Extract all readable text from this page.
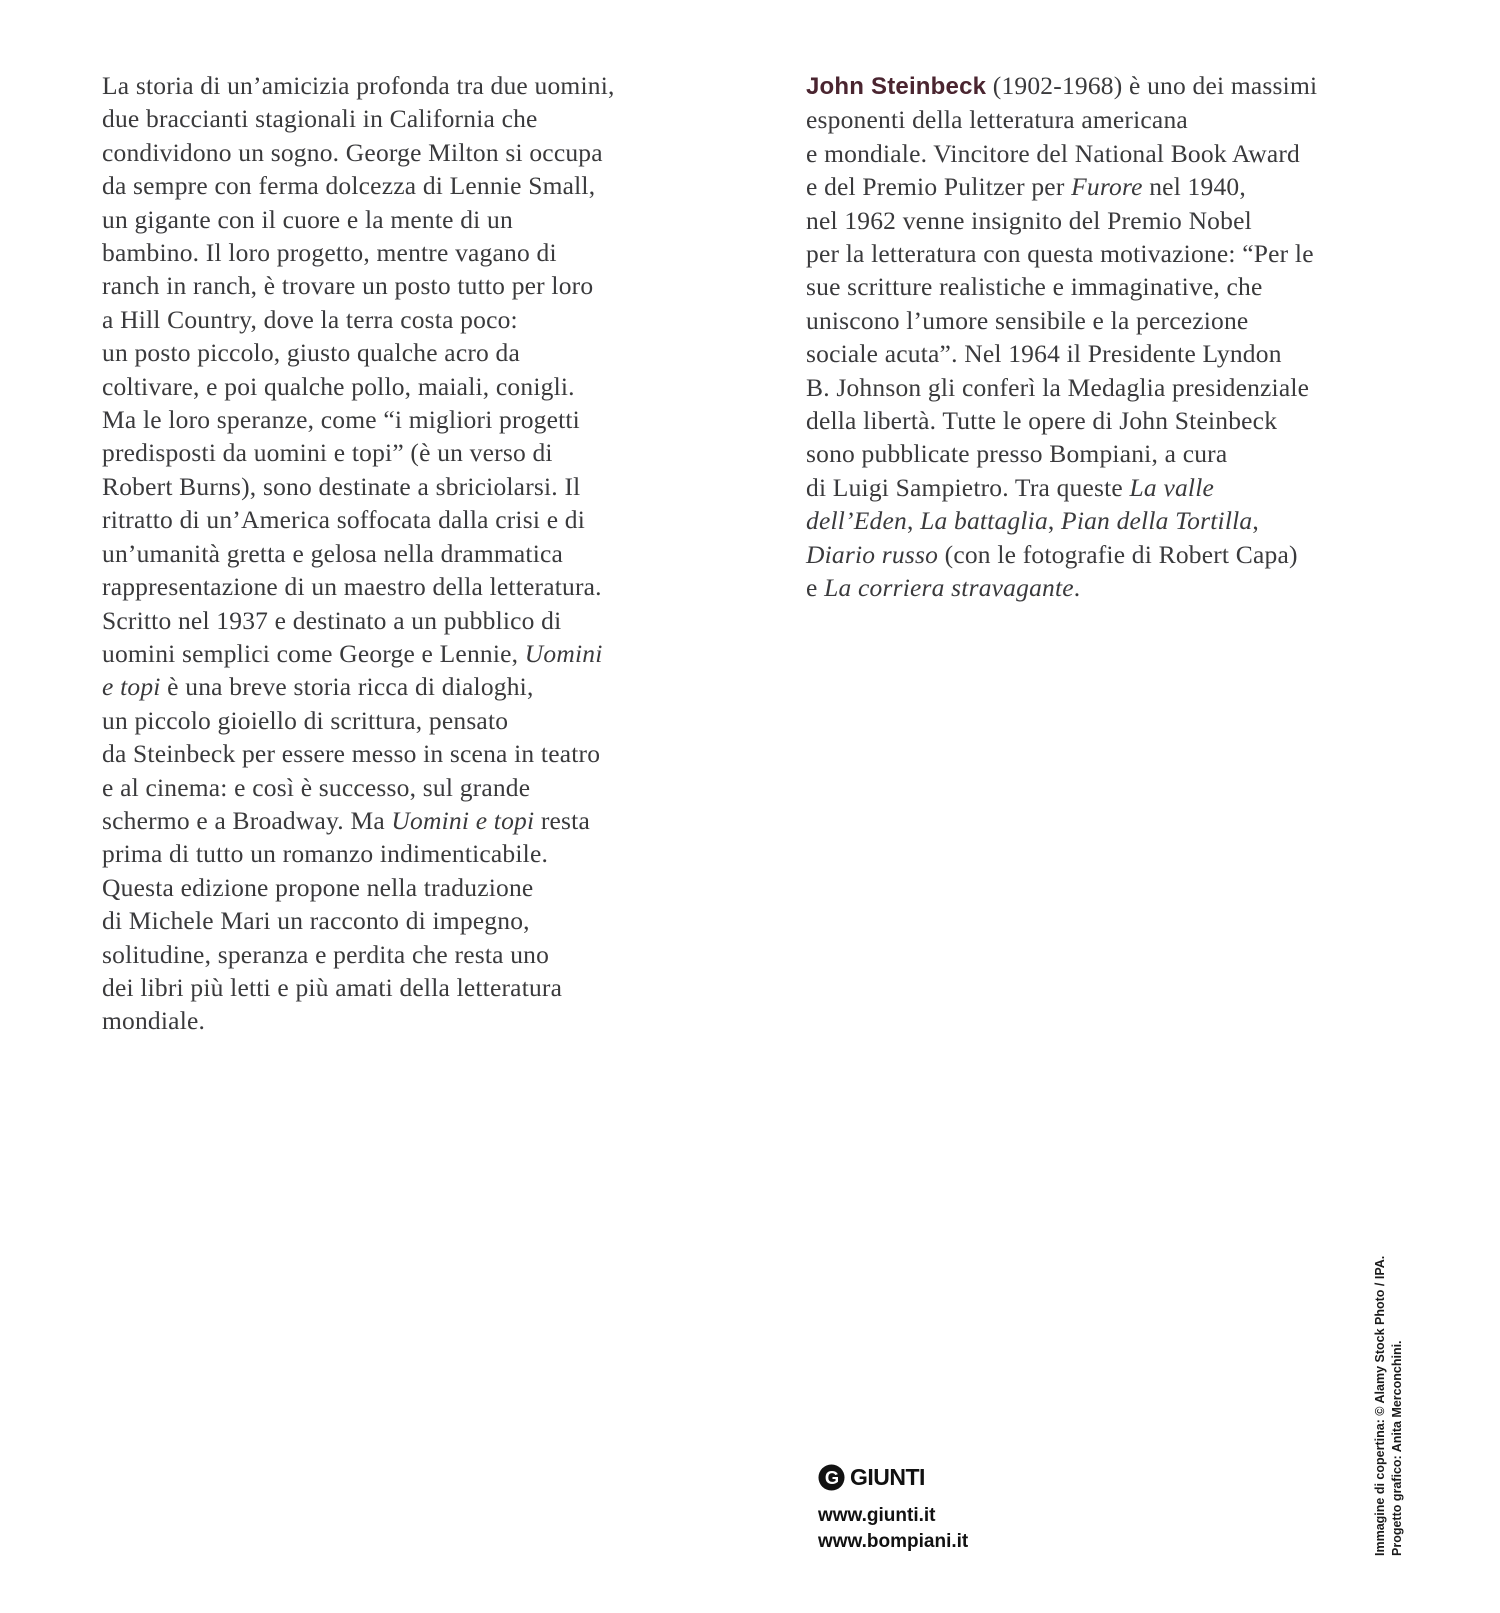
La storia di un’amicizia profonda tra due uomini,
due braccianti stagionali in California che
condividono un sogno. George Milton si occupa
da sempre con ferma dolcezza di Lennie Small,
un gigante con il cuore e la mente di un
bambino. Il loro progetto, mentre vagano di
ranch in ranch, è trovare un posto tutto per loro
a Hill Country, dove la terra costa poco:
un posto piccolo, giusto qualche acro da
coltivare, e poi qualche pollo, maiali, conigli.
Ma le loro speranze, come “i migliori progetti
predisposti da uomini e topi” (è un verso di
Robert Burns), sono destinate a sbriciolarsi. Il
ritratto di un’America soffocata dalla crisi e di
un’umanità gretta e gelosa nella drammatica
rappresentazione di un maestro della letteratura.
Scritto nel 1937 e destinato a un pubblico di
uomini semplici come George e Lennie, Uomini
e topi è una breve storia ricca di dialoghi,
un piccolo gioiello di scrittura, pensato
da Steinbeck per essere messo in scena in teatro
e al cinema: e così è successo, sul grande
schermo e a Broadway. Ma Uomini e topi resta
prima di tutto un romanzo indimenticabile.
Questa edizione propone nella traduzione
di Michele Mari un racconto di impegno,
solitudine, speranza e perdita che resta uno
dei libri più letti e più amati della letteratura
mondiale.
John Steinbeck (1902-1968) è uno dei massimi
esponenti della letteratura americana
e mondiale. Vincitore del National Book Award
e del Premio Pulitzer per Furore nel 1940,
nel 1962 venne insignito del Premio Nobel
per la letteratura con questa motivazione: “Per le
sue scritture realistiche e immaginative, che
uniscono l’umore sensibile e la percezione
sociale acuta”. Nel 1964 il Presidente Lyndon
B. Johnson gli conferì la Medaglia presidenziale
della libertà. Tutte le opere di John Steinbeck
sono pubblicate presso Bompiani, a cura
di Luigi Sampietro. Tra queste La valle
dell’Eden, La battaglia, Pian della Tortilla,
Diario russo (con le fotografie di Robert Capa)
e La corriera stravagante.
G GIUNTI
www.giunti.it
www.bompiani.it	Immagine di copertina: © Alamy Stock Photo / IPA. Progetto grafico: Anita Merconchini.
